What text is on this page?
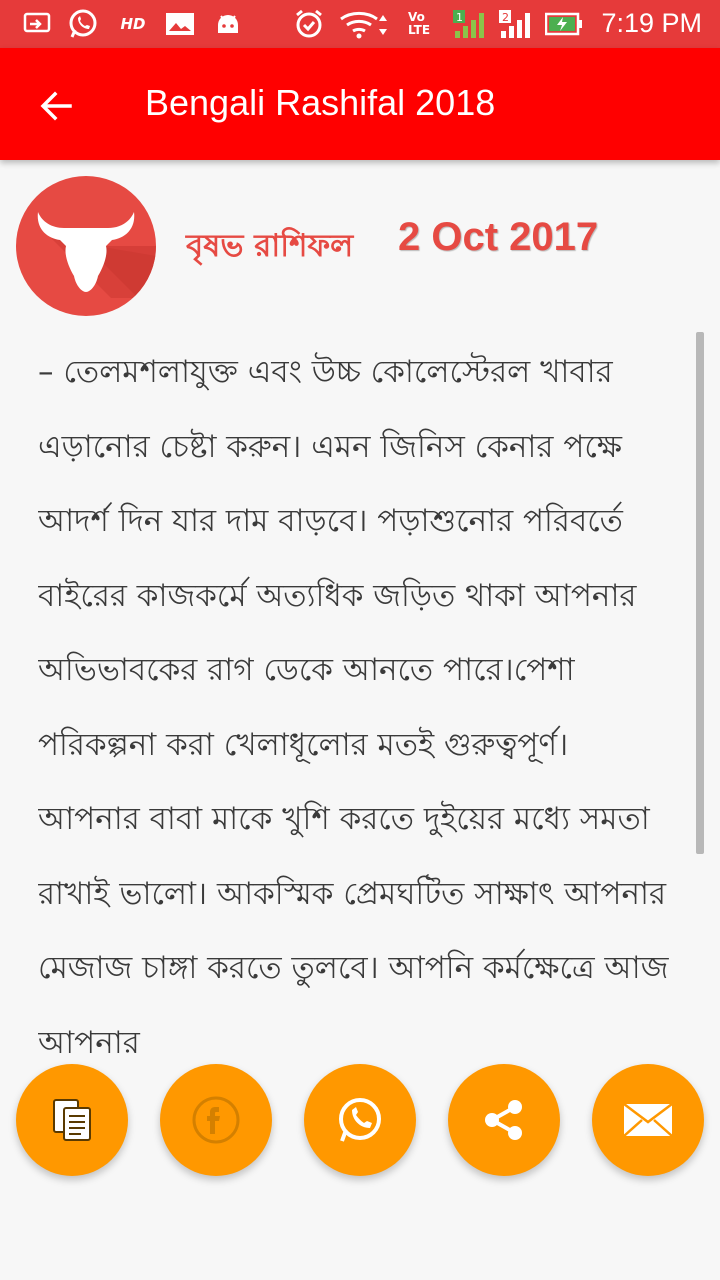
HD	Vo LTE
1	2	7:19 PM
Bengali Rashifal 2018
বৃষভ রাশিফল 2 Oct 2017

– তেলমশলাযুক্ত এবং উচ্চ কোলেস্টেরল খাবার এড়ানোর চেষ্টা করুন। এমন জিনিস কেনার পক্ষে আদর্শ দিন যার দাম বাড়বে। পড়াশুনোর পরিবর্তে বাইরের কাজকর্মে অত্যধিক জড়িত থাকা আপনার অভিভাবকের রাগ ডেকে আনতে পারে।পেশা পরিকল্পনা করা খেলাধূলোর মতই গুরুত্বপূর্ণ। আপনার বাবা মাকে খুশি করতে দুইয়ের মধ্যে সমতা রাখাই ভালো। আকস্মিক প্রেমঘটিত সাক্ষাৎ আপনার মেজাজ চাঙ্গা করতে তুলবে। আপনি কর্মক্ষেত্রে আজ আপনার
